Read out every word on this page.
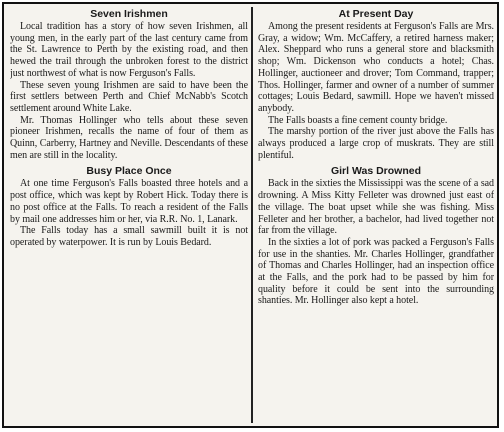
Seven Irishmen

Local tradition has a story of how seven Irishmen, all young men, in the early part of the last century came from the St. Lawrence to Perth by the existing road, and then hewed the trail through the unbroken forest to the district just northwest of what is now Ferguson's Falls.

These seven young Irishmen are said to have been the first settlers between Perth and Chief McNabb's Scotch settlement around White Lake.

Mr. Thomas Hollinger who tells about these seven pioneer Irishmen, recalls the name of four of them as Quinn, Carberry, Hartney and Neville. Descendants of these men are still in the locality.

Busy Place Once

At one time Ferguson's Falls boasted three hotels and a post office, which was kept by Robert Hick. Today there is no post office at the Falls. To reach a resident of the Falls by mail one addresses him or her, via R.R. No. 1, Lanark.

The Falls today has a small sawmill built it is not operated by waterpower. It is run by Louis Bedard.

At Present Day

Among the present residents at Ferguson's Falls are Mrs. Gray, a widow; Wm. McCaffery, a retired harness maker; Alex. Sheppard who runs a general store and blacksmith shop; Wm. Dickenson who conducts a hotel; Chas. Hollinger, auctioneer and drover; Tom Command, trapper; Thos. Hollinger, farmer and owner of a number of summer cottages; Louis Bedard, sawmill. Hope we haven't missed anybody.

The Falls boasts a fine cement county bridge.

The marshy portion of the river just above the Falls has always produced a large crop of muskrats. They are still plentiful.

Girl Was Drowned

Back in the sixties the Mississippi was the scene of a sad drowning. A Miss Kitty Felleter was drowned just east of the village. The boat upset while she was fishing. Miss Felleter and her brother, a bachelor, had lived together not far from the village.

In the sixties a lot of pork was packed a Ferguson's Falls for use in the shanties. Mr. Charles Hollinger, grandfather of Thomas and Charles Hollinger, had an inspection office at the Falls, and the pork had to be passed by him for quality before it could be sent into the surrounding shanties. Mr. Hollinger also kept a hotel.
